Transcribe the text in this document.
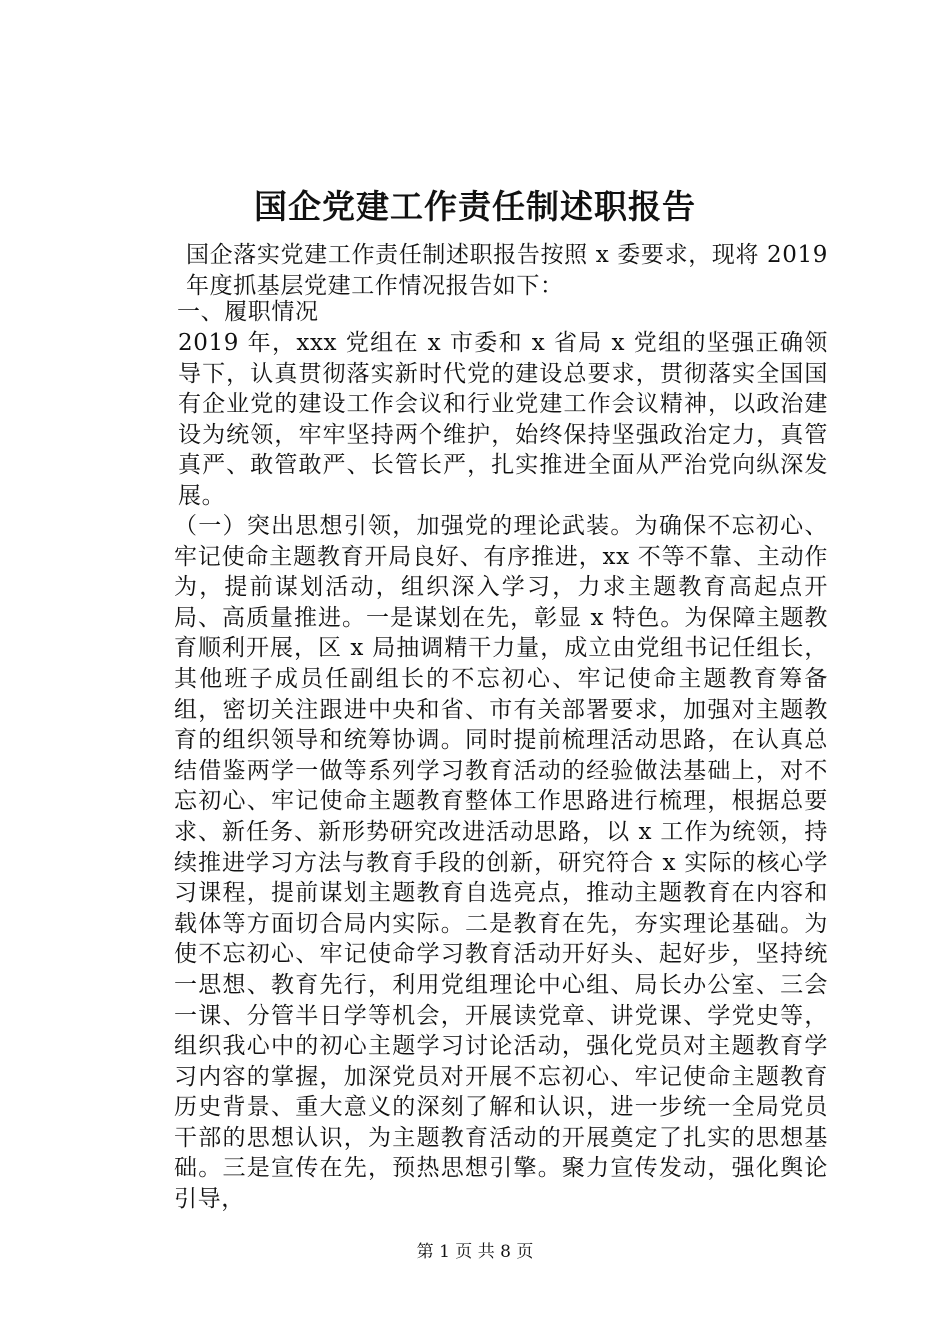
国企党建工作责任制述职报告

国企落实党建工作责任制述职报告按照 x 委要求，现将 2019 年度抓基层党建工作情况报告如下：

一、履职情况

2019 年，xxx 党组在 x 市委和 x 省局 x 党组的坚强正确领导下，认真贯彻落实新时代党的建设总要求，贯彻落实全国国有企业党的建设工作会议和行业党建工作会议精神，以政治建设为统领，牢牢坚持两个维护，始终保持坚强政治定力，真管真严、敢管敢严、长管长严，扎实推进全面从严治党向纵深发展。

（一）突出思想引领，加强党的理论武装。为确保不忘初心、牢记使命主题教育开局良好、有序推进，xx 不等不靠、主动作为，提前谋划活动，组织深入学习，力求主题教育高起点开局、高质量推进。一是谋划在先，彰显 x 特色。为保障主题教育顺利开展，区 x 局抽调精干力量，成立由党组书记任组长，其他班子成员任副组长的不忘初心、牢记使命主题教育筹备组，密切关注跟进中央和省、市有关部署要求，加强对主题教育的组织领导和统筹协调。同时提前梳理活动思路，在认真总结借鉴两学一做等系列学习教育活动的经验做法基础上，对不忘初心、牢记使命主题教育整体工作思路进行梳理，根据总要求、新任务、新形势研究改进活动思路，以 x 工作为统领，持续推进学习方法与教育手段的创新，研究符合 x 实际的核心学习课程，提前谋划主题教育自选亮点，推动主题教育在内容和载体等方面切合局内实际。二是教育在先，夯实理论基础。为使不忘初心、牢记使命学习教育活动开好头、起好步，坚持统一思想、教育先行，利用党组理论中心组、局长办公室、三会一课、分管半日学等机会，开展读党章、讲党课、学党史等，组织我心中的初心主题学习讨论活动，强化党员对主题教育学习内容的掌握，加深党员对开展不忘初心、牢记使命主题教育历史背景、重大意义的深刻了解和认识，进一步统一全局党员干部的思想认识，为主题教育活动的开展奠定了扎实的思想基础。三是宣传在先，预热思想引擎。聚力宣传发动，强化舆论引导，

第 1 页 共 8 页
